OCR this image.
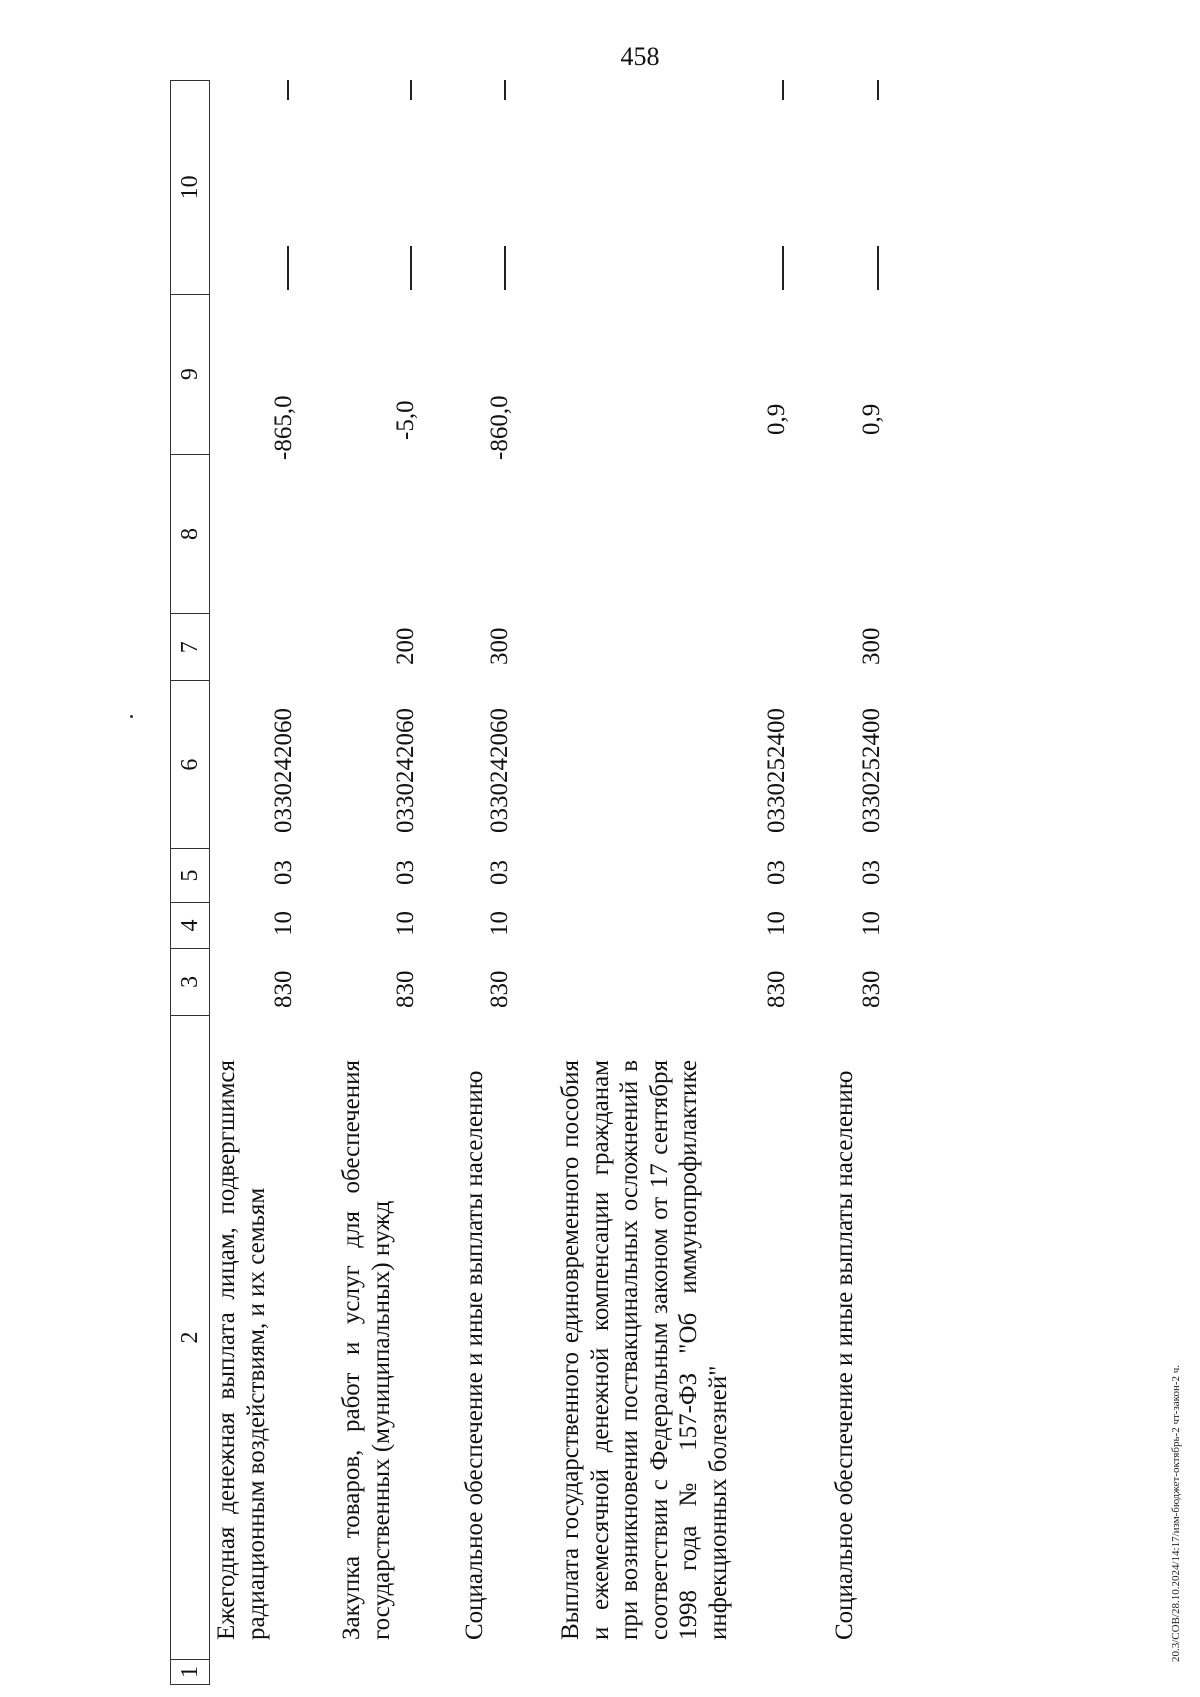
458
20.3/СОВ/28.10.2024/14:17/изм-бюджет-октябрь-2 чт-закон-2 ч.
1
2
3
4
5
6
7
8
9
10
Ежегодная денежная выплата лицам, подвергшимся радиационным воздействиям, и их семьям
830
10
03
0330242060
-865,0
Закупка товаров, работ и услуг для обеспечения государственных (муниципальных) нужд
830
10
03
0330242060
200
-5,0
Социальное обеспечение и иные выплаты населению
830
10
03
0330242060
300
-860,0
Выплата государственного единовременного пособия и ежемесячной денежной компенсации гражданам при возникновении поствакцинальных осложнений в соответствии с Федеральным законом от 17 сентября 1998 года № 157-ФЗ "Об иммунопрофилактике инфекционных болезней"
830
10
03
0330252400
0,9
Социальное обеспечение и иные выплаты населению
830
10
03
0330252400
300
0,9
